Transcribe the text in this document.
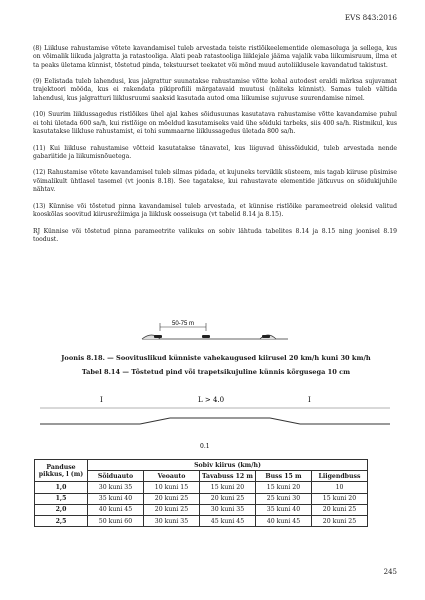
EVS 843:2016

(8) Liikluse rahustamise võtete kavandamisel tuleb arvestada teiste ristlõikeelementide olemasoluga ja sellega, kus on võimalik liikuda jalgratta ja ratastooliga. Alati peab ratastooliga liiklejale jääma vajalik vaba liikumisruum, ilma et ta peaks ületama künnist, tõstetud pinda, tekstuurset teekatet või mõnd muud autoliiklusele kavandatud takistust.

(9) Eelistada tuleb lahendusi, kus jalgrattur suunatakse rahustamise võtte kohal autodest eraldi märksa sujuvamat trajektoori mööda, kus ei rakendata pikiprofiili märgatavaid muutusi (näiteks künnist). Samas tuleb vältida lahendusi, kus jalgratturi liiklusruumi saaksid kasutada autod oma liikumise sujuvuse suurendamise nimel.

(10) Suurim liiklussagedus ristlõikes ühel ajal kahes sõidusuunas kasutatava rahustamise võtte kavandamise puhul ei tohi ületada 600 sa/h, kui ristlõige on mõeldud kasutamiseks vaid ühe sõiduki tarbeks, siis 400 sa/h. Ristmikul, kus kasutatakse liikluse rahustamist, ei tohi summaarne liiklussagedus ületada 800 sa/h.

(11) Kui liikluse rahustamise võtteid kasutatakse tänavatel, kus liiguvad ühissõidukid, tuleb arvestada nende gabariitide ja liikumisnõuetega.

(12) Rahustamise võtete kavandamisel tuleb silmas pidada, et kujuneks terviklik süsteem, mis tagab kiiruse püsimise võimalikult ühtlasel tasemel (vt joonis 8.18). See tagatakse, kui rahustavate elementide jätkuvus on sõidukijuhile nähtav.

(13) Künnise või tõstetud pinna kavandamisel tuleb arvestada, et künnise ristlõike parameetreid oleksid valitud kooskõlas soovitud kiirusrežiimiga ja liiklusk oosseisuga (vt tabelid 8.14 ja 8.15).

RJ Künnise või tõstetud pinna parameetrite valikuks on sobiv lähtuda tabelites 8.14 ja 8.15 ning joonisel 8.19 toodust.

50-75 m
Joonis 8.18. — Soovituslikud künniste vahekaugused kiirusel 20 km/h kuni 30 km/h
Tabel 8.14 — Tõstetud pind või trapetsikujuline künnis kõrgusega 10 cm
I	L > 4.0	I
0.1
Panduse pikkus, l (m)	Sobiv kiirus (km/h)				
	Sõiduauto	Veoauto	Tavabuss 12 m	Buss 15 m	Liigendbuss
1,0	30 kuni 35	10 kuni 15	15 kuni 20	15 kuni 20	10
1,5	35 kuni 40	20 kuni 25	20 kuni 25	25 kuni 30	15 kuni 20
2,0	40 kuni 45	20 kuni 25	30 kuni 35	35 kuni 40	20 kuni 25
2,5	50 kuni 60	30 kuni 35	45 kuni 45	40 kuni 45	20 kuni 25
245
